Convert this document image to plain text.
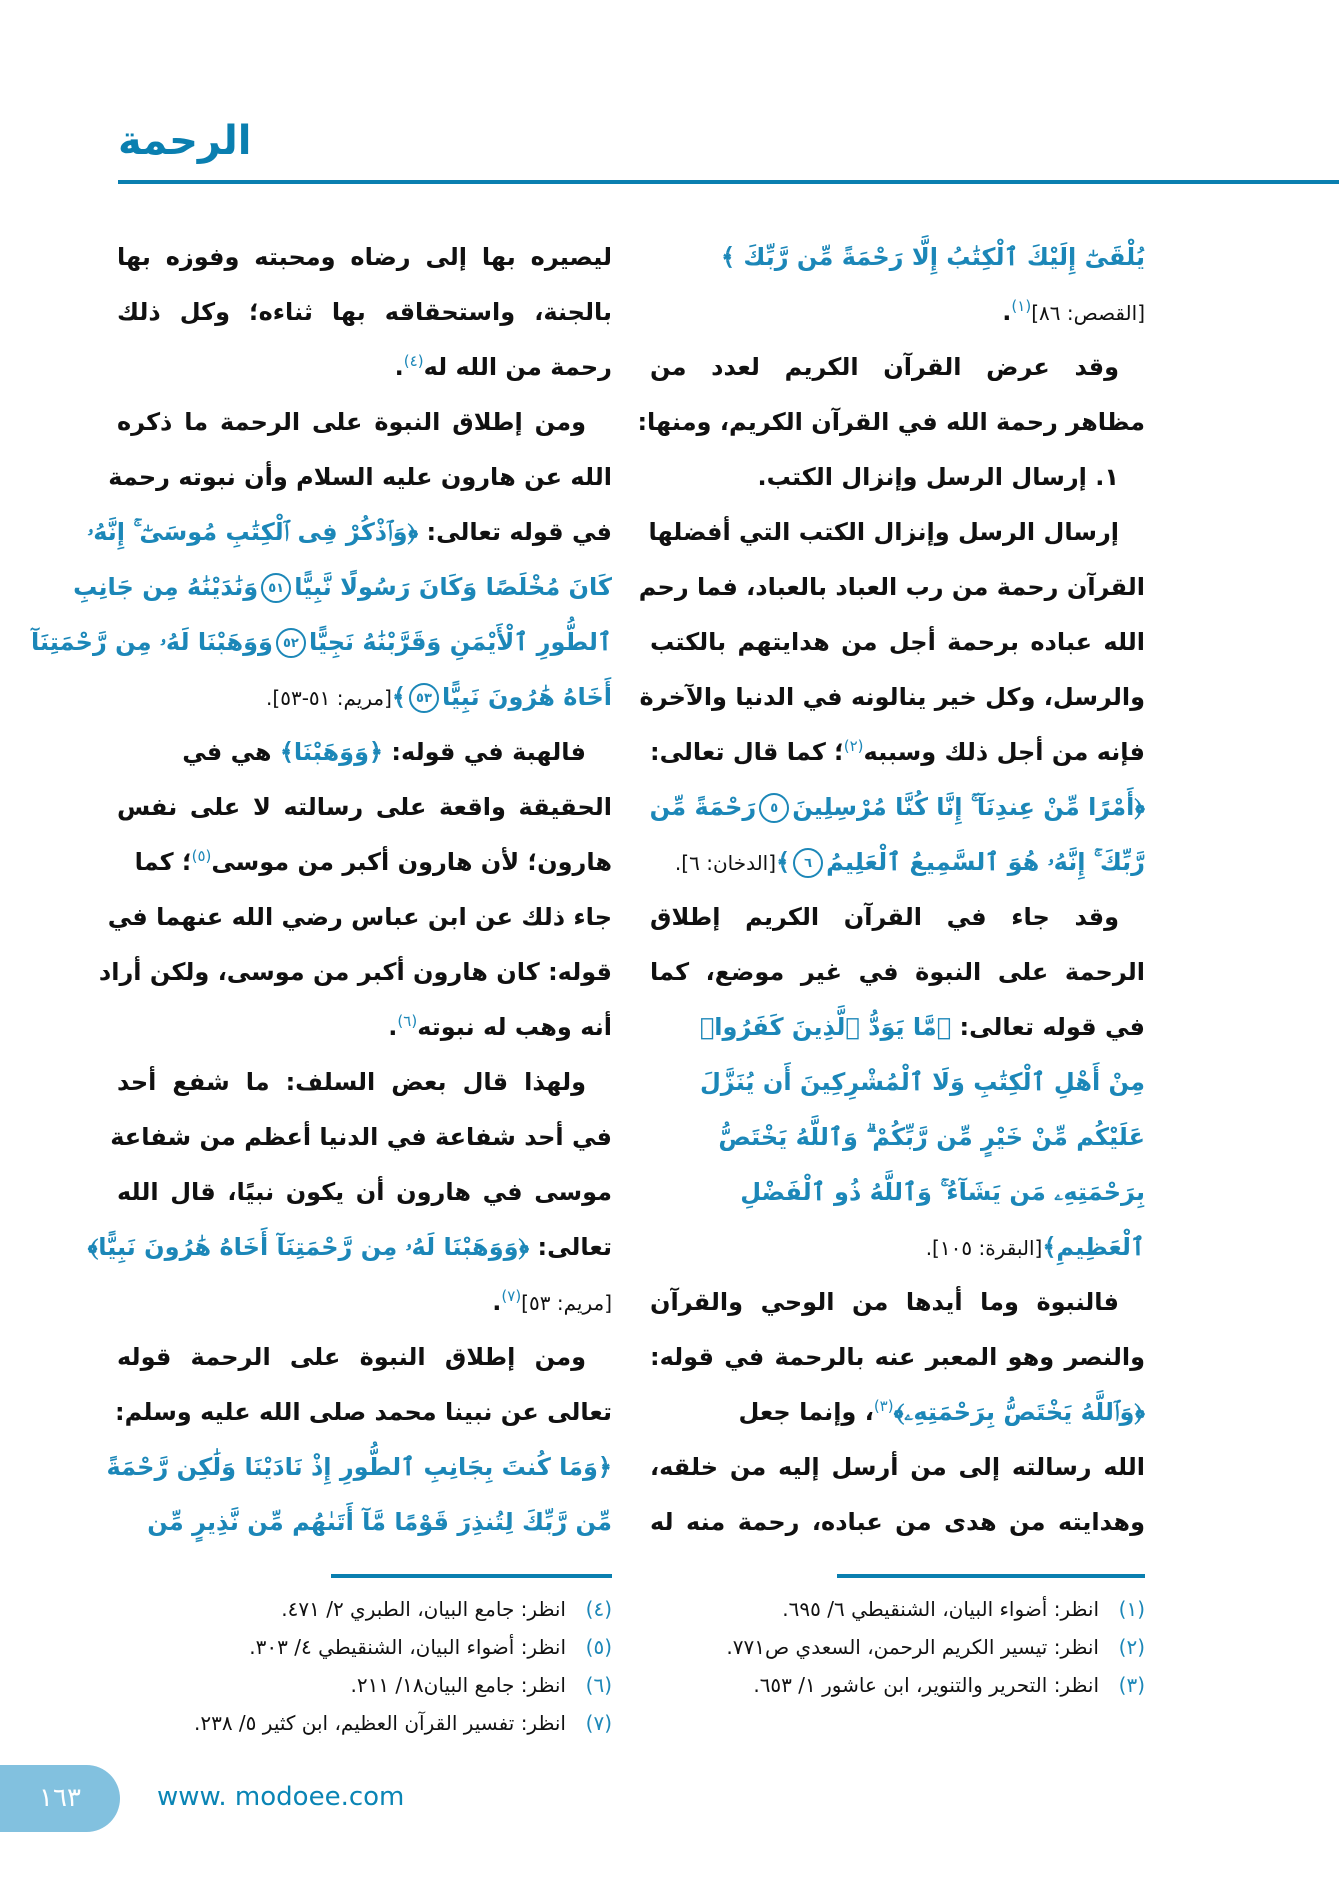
الرحمة
يُلْقَىٰٓ إِلَيْكَ ٱلْكِتَٰبُ إِلَّا رَحْمَةً مِّن رَّبِّكَ ﴾
[القصص: ٨٦]$^{(١)}$.
وقد عرض القرآن الكريم لعدد من
مظاهر رحمة الله في القرآن الكريم، ومنها:
١. إرسال الرسل وإنزال الكتب.
إرسال الرسل وإنزال الكتب التي أفضلها
القرآن رحمة من رب العباد بالعباد، فما رحم
الله عباده برحمة أجل من هدايتهم بالكتب
والرسل، وكل خير ينالونه في الدنيا والآخرة
فإنه من أجل ذلك وسببه$^{(٢)}$؛ كما قال تعالى:
﴿أَمْرًا مِّنْ عِندِنَآ ۚ إِنَّا كُنَّا مُرْسِلِينَ٥رَحْمَةً مِّن
رَّبِّكَ ۚ إِنَّهُۥ هُوَ ٱلسَّمِيعُ ٱلْعَلِيمُ٦﴾[الدخان: ٦].
وقد جاء في القرآن الكريم إطلاق
الرحمة على النبوة في غير موضع، كما
في قوله تعالى: ﴿مَّا يَوَدُّ ٱلَّذِينَ كَفَرُوا۟
مِنْ أَهْلِ ٱلْكِتَٰبِ وَلَا ٱلْمُشْرِكِينَ أَن يُنَزَّلَ
عَلَيْكُم مِّنْ خَيْرٍ مِّن رَّبِّكُمْ ۗ وَٱللَّهُ يَخْتَصُّ
بِرَحْمَتِهِۦ مَن يَشَآءُ ۚ وَٱللَّهُ ذُو ٱلْفَضْلِ
ٱلْعَظِيمِ﴾[البقرة: ١٠٥].
فالنبوة وما أيدها من الوحي والقرآن
والنصر وهو المعبر عنه بالرحمة في قوله:
﴿وَٱللَّهُ يَخْتَصُّ بِرَحْمَتِهِۦ﴾$^{(٣)}$، وإنما جعل
الله رسالته إلى من أرسل إليه من خلقه،
وهدايته من هدى من عباده، رحمة منه له
ليصيره بها إلى رضاه ومحبته وفوزه بها
بالجنة، واستحقاقه بها ثناءه؛ وكل ذلك
رحمة من الله له$^{(٤)}$.
ومن إطلاق النبوة على الرحمة ما ذكره
الله عن هارون عليه السلام وأن نبوته رحمة
في قوله تعالى: ﴿وَٱذْكُرْ فِى ٱلْكِتَٰبِ مُوسَىٰٓ ۚ إِنَّهُۥ
كَانَ مُخْلَصًا وَكَانَ رَسُولًا نَّبِيًّا٥١وَنَٰدَيْنَٰهُ مِن جَانِبِ
ٱلطُّورِ ٱلْأَيْمَنِ وَقَرَّبْنَٰهُ نَجِيًّا٥٢وَوَهَبْنَا لَهُۥ مِن رَّحْمَتِنَآ
أَخَاهُ هَٰرُونَ نَبِيًّا٥٣﴾[مريم: ٥١-٥٣].
فالهبة في قوله: ﴿وَوَهَبْنَا﴾ هي في
الحقيقة واقعة على رسالته لا على نفس
هارون؛ لأن هارون أكبر من موسى$^{(٥)}$؛ كما
جاء ذلك عن ابن عباس رضي الله عنهما في
قوله: كان هارون أكبر من موسى، ولكن أراد
أنه وهب له نبوته$^{(٦)}$.
ولهذا قال بعض السلف: ما شفع أحد
في أحد شفاعة في الدنيا أعظم من شفاعة
موسى في هارون أن يكون نبيًا، قال الله
تعالى: ﴿وَوَهَبْنَا لَهُۥ مِن رَّحْمَتِنَآ أَخَاهُ هَٰرُونَ نَبِيًّا﴾
[مريم: ٥٣]$^{(٧)}$.
ومن إطلاق النبوة على الرحمة قوله
تعالى عن نبينا محمد صلى الله عليه وسلم:
﴿وَمَا كُنتَ بِجَانِبِ ٱلطُّورِ إِذْ نَادَيْنَا وَلَٰكِن رَّحْمَةً
مِّن رَّبِّكَ لِتُنذِرَ قَوْمًا مَّآ أَتَىٰهُم مِّن نَّذِيرٍ مِّن
(١)
انظر: أضواء البيان، الشنقيطي ٦/ ٦٩٥.
(٢)
انظر: تيسير الكريم الرحمن، السعدي ص٧٧١.
(٣)
انظر: التحرير والتنوير، ابن عاشور ١/ ٦٥٣.
(٤)
انظر: جامع البيان، الطبري ٢/ ٤٧١.
(٥)
انظر: أضواء البيان، الشنقيطي ٤/ ٣٠٣.
(٦)
انظر: جامع البيان١٨/ ٢١١.
(٧)
انظر: تفسير القرآن العظيم، ابن كثير ٥/ ٢٣٨.
١٦٣	www. modoee.com
